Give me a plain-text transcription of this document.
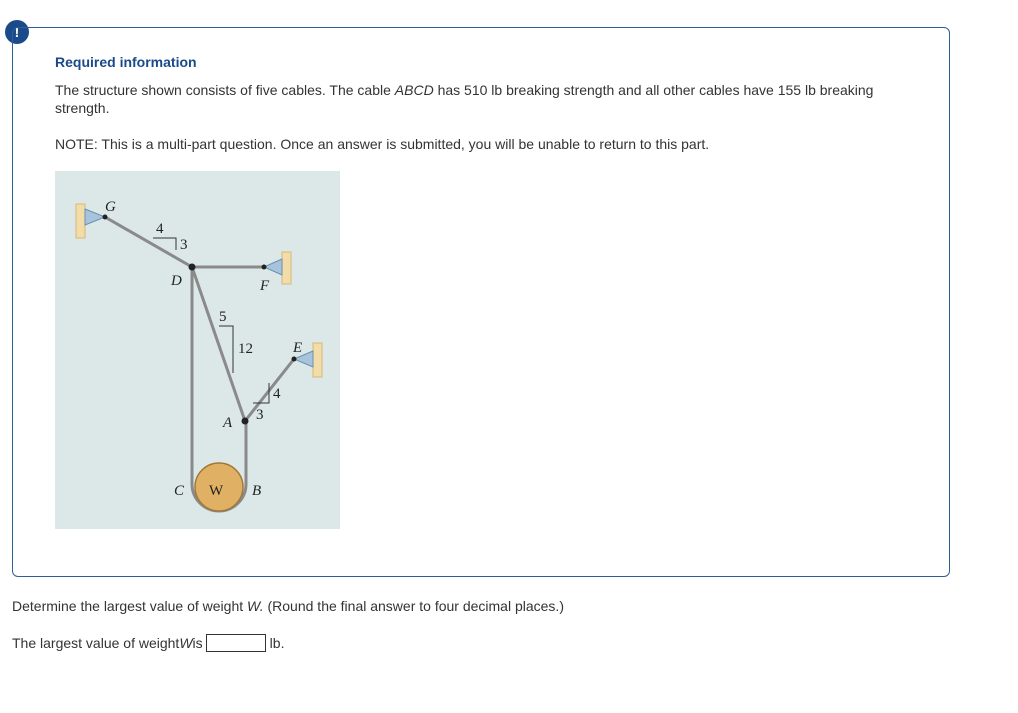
!
Required information
The structure shown consists of five cables. The cable ABCD has 510 lb breaking strength and all other cables have 155 lb breaking strength.
NOTE: This is a multi-part question. Once an answer is submitted, you will be unable to return to this part.
G
4
3
D	F
5
12	E
4
3
A
C W B
Determine the largest value of weight W. (Round the final answer to four decimal places.)
The largest value of weight W is	lb.
